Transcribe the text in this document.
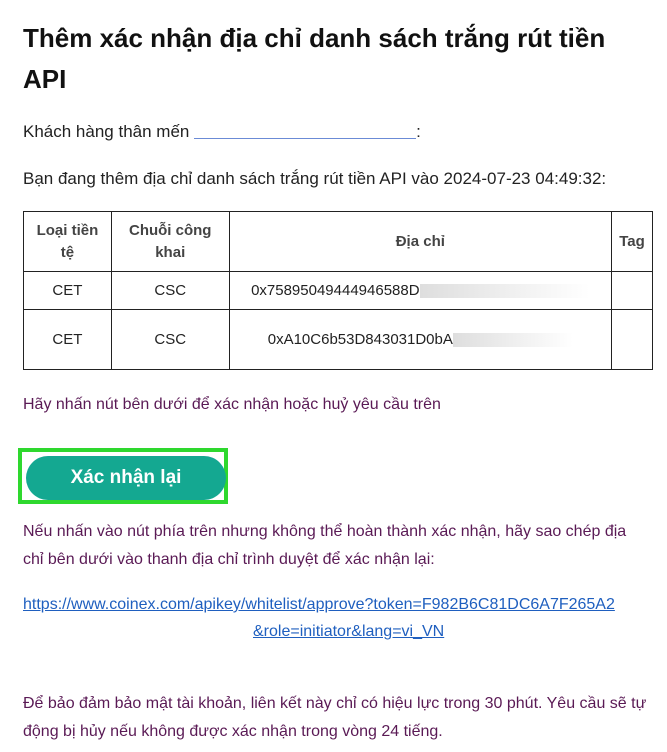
Thêm xác nhận địa chỉ danh sách trắng rút tiền API
Khách hàng thân mến	:
Bạn đang thêm địa chỉ danh sách trắng rút tiền API vào 2024-07-23 04:49:32:
Loại tiền tệ	Chuỗi công khai	Địa chỉ	Tag
CET	CSC	0x75895049444946588D	
CET	CSC	0xA10C6b53D843031D0bA	
Hãy nhấn nút bên dưới để xác nhận hoặc huỷ yêu cầu trên
Xác nhận lại
Nếu nhấn vào nút phía trên nhưng không thể hoàn thành xác nhận, hãy sao chép địa chỉ bên dưới vào thanh địa chỉ trình duyệt để xác nhận lại:
https://www.coinex.com/apikey/whitelist/approve?token=F982B6C81DC6A7F265A2&role=initiator&lang=vi_VN
Để bảo đảm bảo mật tài khoản, liên kết này chỉ có hiệu lực trong 30 phút. Yêu cầu sẽ tự động bị hủy nếu không được xác nhận trong vòng 24 tiếng.
